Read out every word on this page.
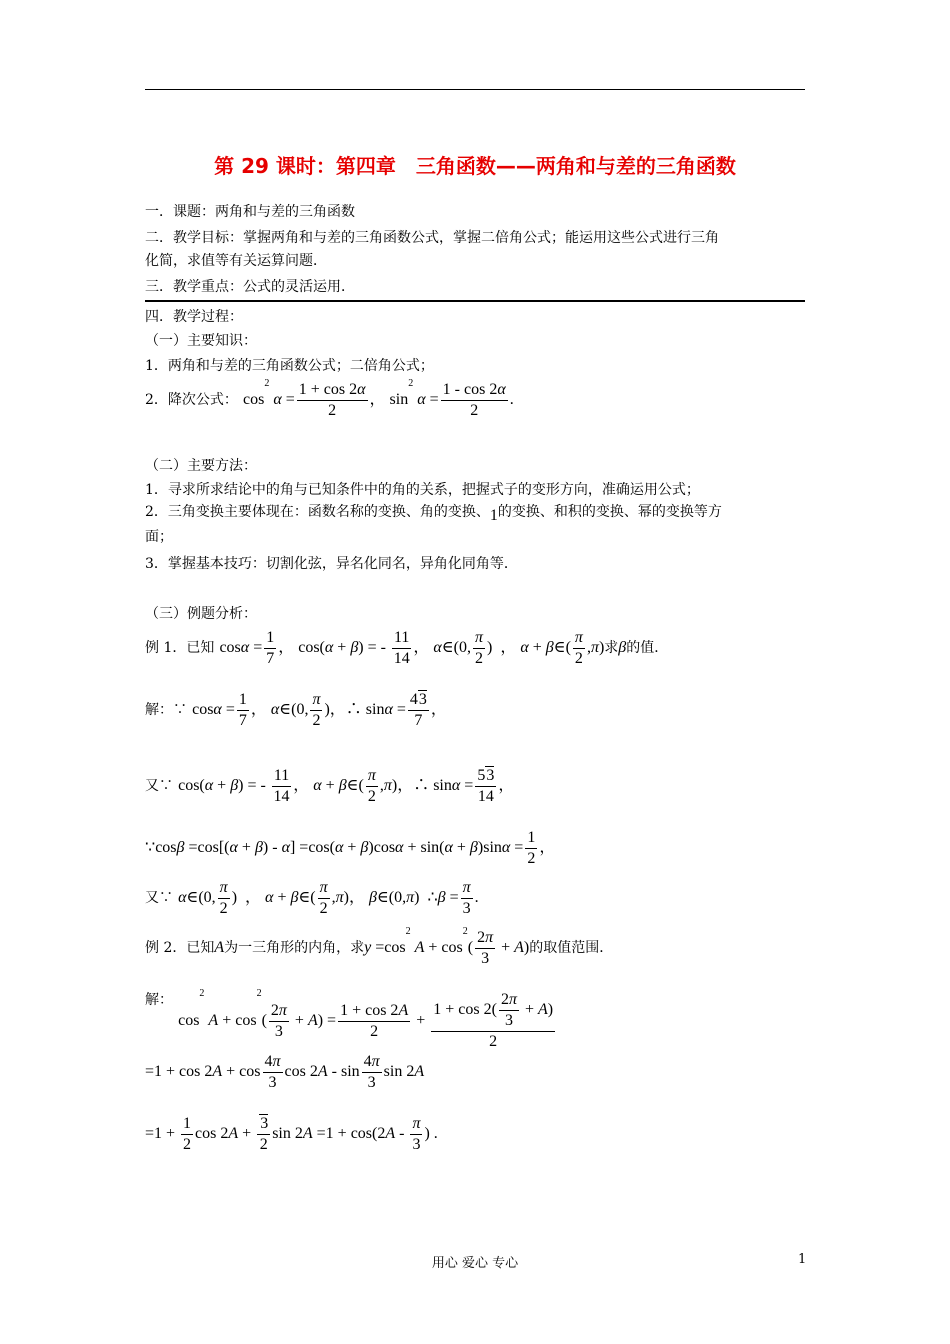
第 29 课时：第四章　三角函数——两角和与差的三角函数
一．课题：两角和与差的三角函数
二．教学目标：掌握两角和与差的三角函数公式，掌握二倍角公式；能运用这些公式进行三角
化简，求值等有关运算问题．
三．教学重点：公式的灵活运用．
四．教学过程：
（一）主要知识：
1．两角和与差的三角函数公式；二倍角公式；
2．降次公式： $\cos^2 \alpha = \frac{1 + \cos 2\alpha}{2}$ ， $\sin^2 \alpha = \frac{1 - \cos 2\alpha}{2}$ .
（二）主要方法：
1．寻求所求结论中的角与已知条件中的角的关系，把握式子的变形方向，准确运用公式；
2．三角变换主要体现在：函数名称的变换、角的变换、1的变换、和积的变换、幂的变换等方
面；
3．掌握基本技巧：切割化弦，异名化同名，异角化同角等．
（三）例题分析：
例 1．已知 $\cos\alpha = \frac{1}{7}$ ， cos(α + β) = - $\frac{11}{14}$ ， α∈(0, $\frac{\pi}{2}$ )  ， α + β∈( $\frac{\pi}{2} ,\pi$)求β的值．
解：∵ $\cos\alpha = \frac{1}{7}$ ， α∈(0, $\frac{\pi}{2}$ )，∴ $\sin\alpha = \frac{43}{7}$ ，
又∵ cos(α + β) = - $\frac{11}{14}$ ， α + β∈( $\frac{\pi}{2} ,\pi$)，∴ $\sin\alpha = \frac{53}{14}$ ，
∵cosβ $=\cos[(\alpha + \beta) - \alpha] =\cos(\alpha + \beta)\cos\alpha + \sin(\alpha + \beta)\sin\alpha = \frac{1}{2}$ ，
又∵ α∈(0, $\frac{\pi}{2}$ )  ， α + β∈( $\frac{\pi}{2} ,\pi$)， β∈(0,π)  ∴β = $\frac{\pi}{3}$ .
例 2．已知A为一三角形的内角，求$y =\cos^2$ $A + \cos^2( \frac{2\pi}{3} + A)$的取值范围．
解： $\cos^2 A + \cos^2( \frac{2\pi}{3} + A) = \frac{1 + \cos 2A}{2} + \frac{1 + \cos 2( \frac{2\pi}{3} + A)}{2}$
$=1 + \cos 2A + \cos \frac{4\pi}{3}$ $\cos 2A - \sin \frac{4\pi}{3}$ sin 2A
$=1 + \frac{1}{2}$ $\cos 2A + \frac{3}{2}$ $\sin 2A =1 + \cos(2A - \frac{\pi}{3}$ ) .
用心 爱心 专心	1
